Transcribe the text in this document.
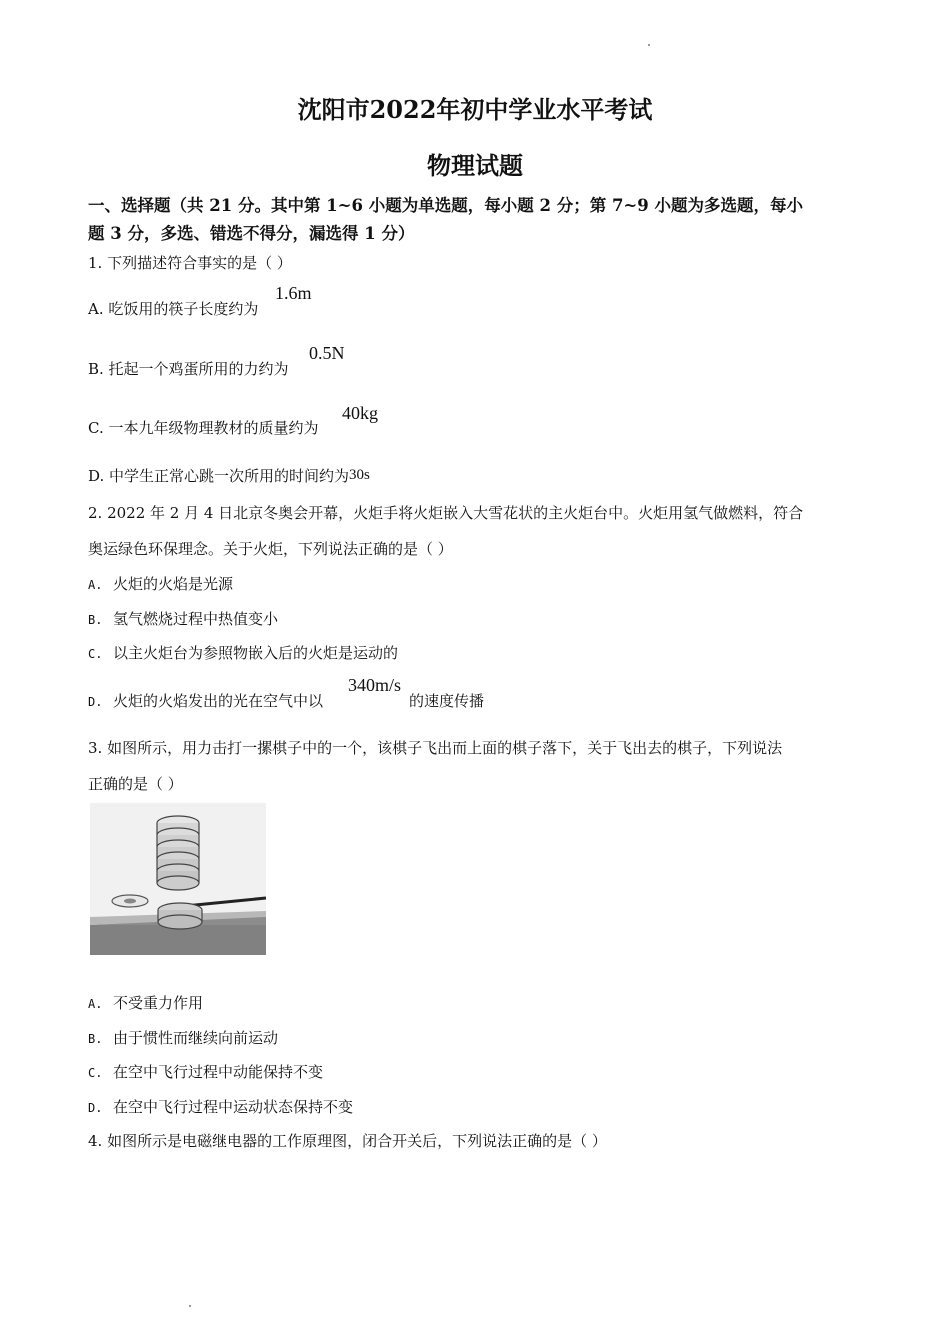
沈阳市2022年初中学业水平考试
物理试题
一、选择题（共 21 分。其中第 1~6 小题为单选题，每小题 2 分；第 7~9 小题为多选题，每小
题 3 分，多选、错选不得分，漏选得 1 分）
1. 下列描述符合事实的是（ ）
A. 吃饭用的筷子长度约为
1.6m
B. 托起一个鸡蛋所用的力约为
0.5N
C. 一本九年级物理教材的质量约为
40kg
D. 中学生正常心跳一次所用的时间约为30s
2. 2022 年 2 月 4 日北京冬奥会开幕，火炬手将火炬嵌入大雪花状的主火炬台中。火炬用氢气做燃料，符合
奥运绿色环保理念。关于火炬，下列说法正确的是（ ）
A. 火炬的火焰是光源
B. 氢气燃烧过程中热值变小
C. 以主火炬台为参照物嵌入后的火炬是运动的
D. 火炬的火焰发出的光在空气中以
340m/s
的速度传播
3. 如图所示，用力击打一摞棋子中的一个，该棋子飞出而上面的棋子落下，关于飞出去的棋子，下列说法
正确的是（ ）
A. 不受重力作用
B. 由于惯性而继续向前运动
C. 在空中飞行过程中动能保持不变
D. 在空中飞行过程中运动状态保持不变
4. 如图所示是电磁继电器的工作原理图，闭合开关后，下列说法正确的是（ ）
